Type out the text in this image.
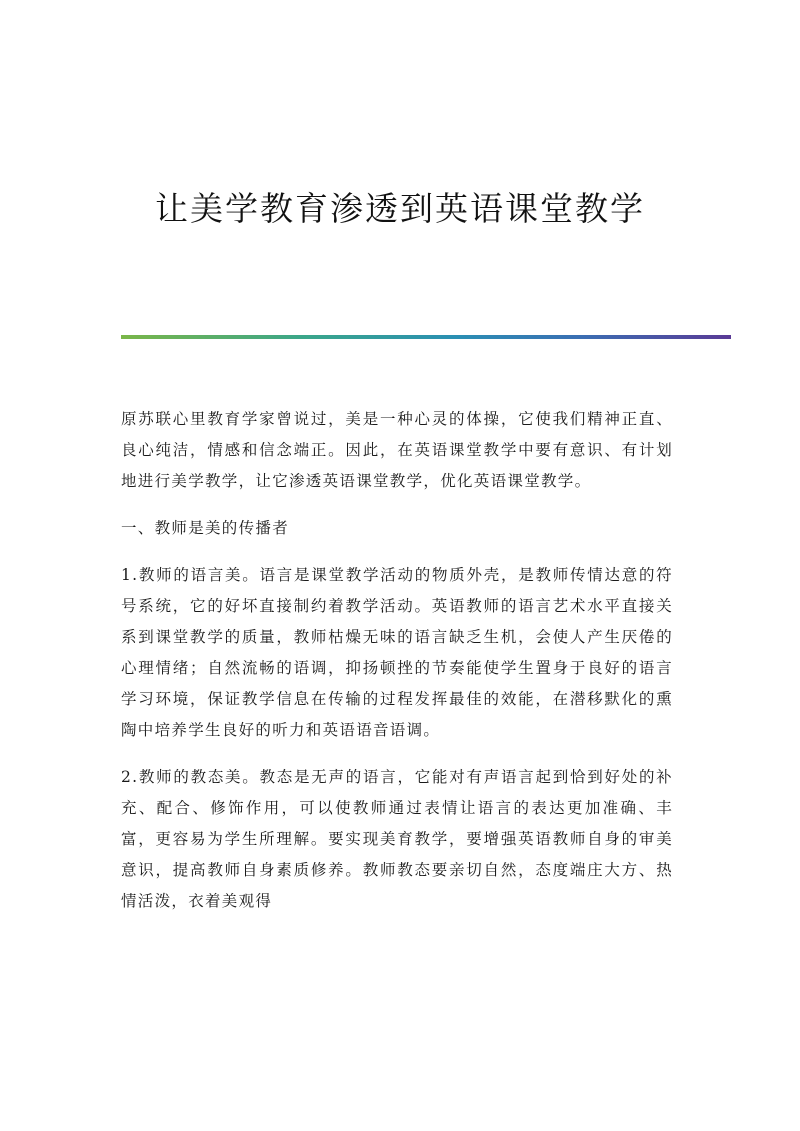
让美学教育渗透到英语课堂教学

原苏联心里教育学家曾说过，美是一种心灵的体操，它使我们精神正直、良心纯洁，情感和信念端正。因此，在英语课堂教学中要有意识、有计划地进行美学教学，让它渗透英语课堂教学，优化英语课堂教学。

一、教师是美的传播者

1.教师的语言美。语言是课堂教学活动的物质外壳，是教师传情达意的符号系统，它的好坏直接制约着教学活动。英语教师的语言艺术水平直接关系到课堂教学的质量，教师枯燥无味的语言缺乏生机，会使人产生厌倦的心理情绪；自然流畅的语调，抑扬顿挫的节奏能使学生置身于良好的语言学习环境，保证教学信息在传输的过程发挥最佳的效能，在潜移默化的熏陶中培养学生良好的听力和英语语音语调。

2.教师的教态美。教态是无声的语言，它能对有声语言起到恰到好处的补充、配合、修饰作用，可以使教师通过表情让语言的表达更加准确、丰富，更容易为学生所理解。要实现美育教学，要增强英语教师自身的审美意识，提高教师自身素质修养。教师教态要亲切自然，态度端庄大方、热情活泼，衣着美观得
